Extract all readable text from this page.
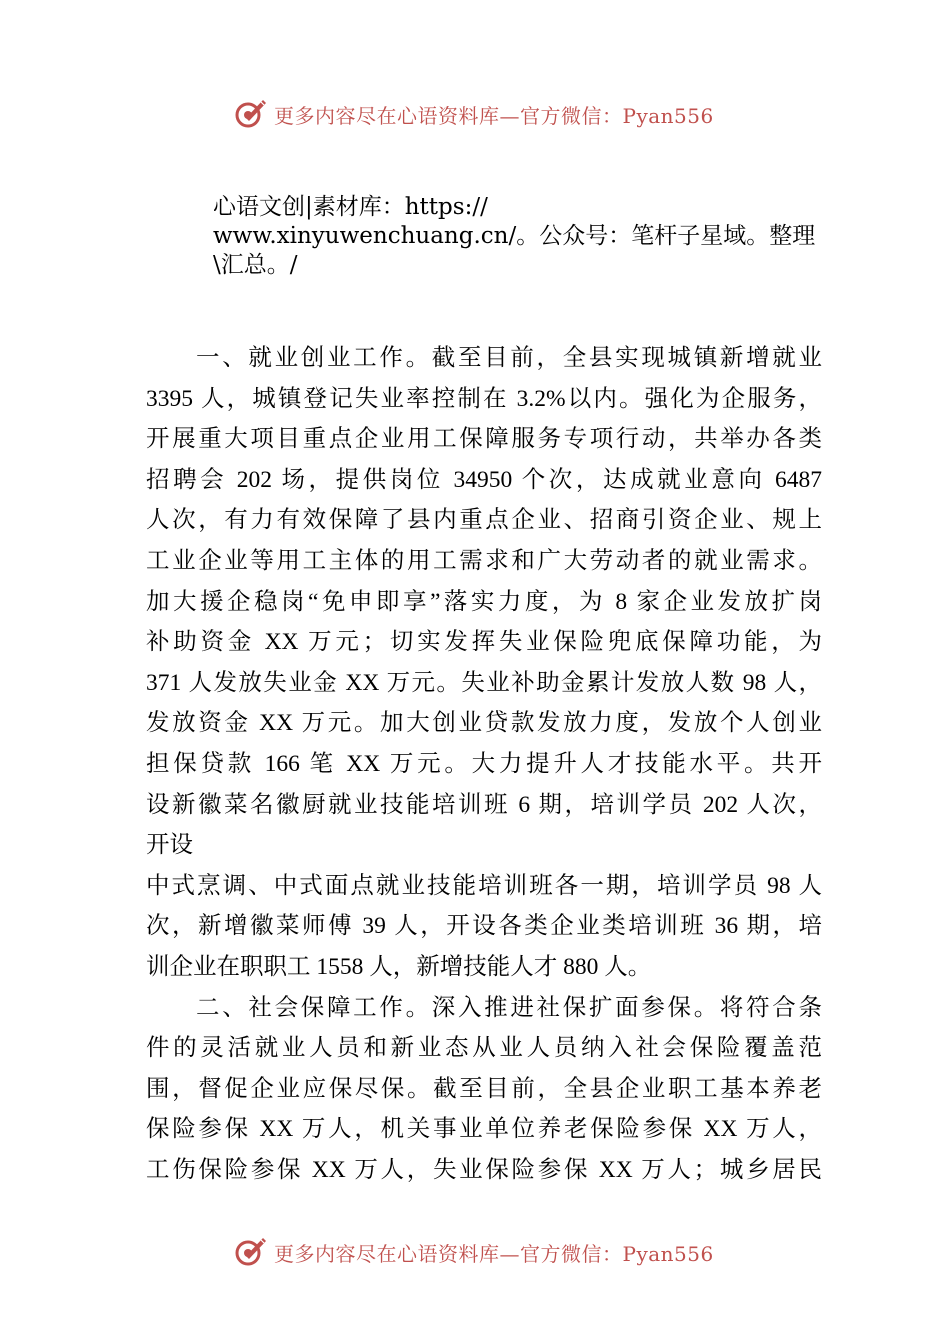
更多内容尽在心语资料库—官方微信：Pyan556
心语文创|素材库：https://
www.xinyuwenchuang.cn/。公众号：笔杆子星域。整理
\汇总。/
一、就业创业工作。截至目前，全县实现城镇新增就业
3395 人，城镇登记失业率控制在 3.2%以内。强化为企服务，
开展重大项目重点企业用工保障服务专项行动，共举办各类
招聘会 202 场，提供岗位 34950 个次，达成就业意向 6487
人次，有力有效保障了县内重点企业、招商引资企业、规上
工业企业等用工主体的用工需求和广大劳动者的就业需求。
加大援企稳岗“免申即享”落实力度，为 8 家企业发放扩岗
补助资金 XX 万元；切实发挥失业保险兜底保障功能，为
371 人发放失业金 XX 万元。失业补助金累计发放人数 98 人，
发放资金 XX 万元。加大创业贷款发放力度，发放个人创业
担保贷款 166 笔 XX 万元。大力提升人才技能水平。共开
设新徽菜名徽厨就业技能培训班 6 期，培训学员 202 人次，
开设
中式烹调、中式面点就业技能培训班各一期，培训学员 98 人
次，新增徽菜师傅 39 人，开设各类企业类培训班 36 期，培
训企业在职职工 1558 人，新增技能人才 880 人。
二、社会保障工作。深入推进社保扩面参保。将符合条
件的灵活就业人员和新业态从业人员纳入社会保险覆盖范
围，督促企业应保尽保。截至目前，全县企业职工基本养老
保险参保 XX 万人，机关事业单位养老保险参保 XX 万人，
工伤保险参保 XX 万人，失业保险参保 XX 万人；城乡居民
更多内容尽在心语资料库—官方微信：Pyan556
